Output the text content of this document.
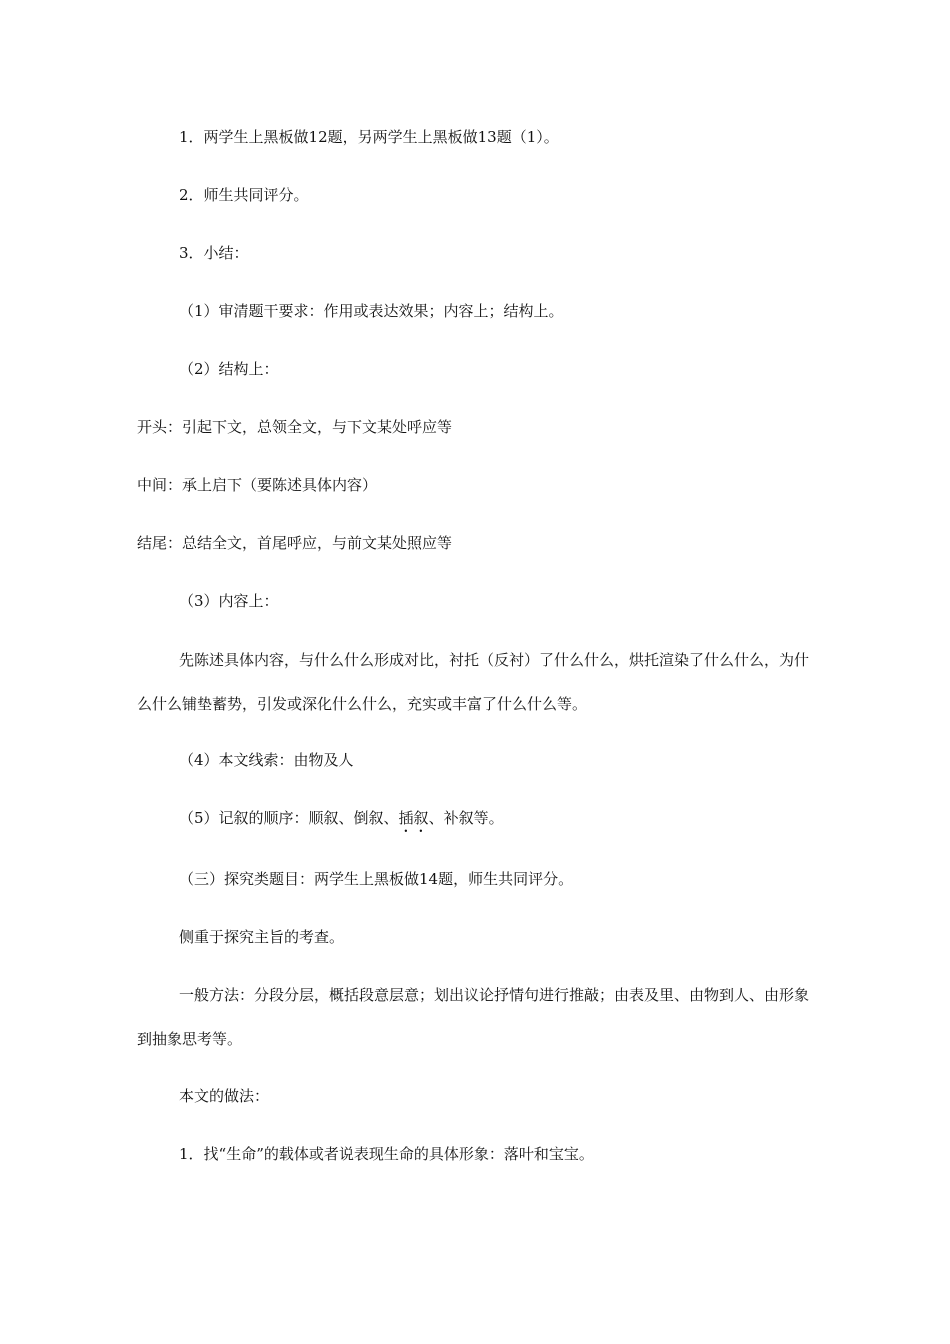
1．两学生上黑板做12题，另两学生上黑板做13题（1）。
2．师生共同评分。
3．小结：
（1）审清题干要求：作用或表达效果；内容上；结构上。
（2）结构上：
开头：引起下文，总领全文，与下文某处呼应等
中间：承上启下（要陈述具体内容）
结尾：总结全文，首尾呼应，与前文某处照应等
（3）内容上：
先陈述具体内容，与什么什么形成对比，衬托（反衬）了什么什么，烘托渲染了什么什么，为什么什么铺垫蓄势，引发或深化什么什么，充实或丰富了什么什么等。
（4）本文线索：由物及人
（5）记叙的顺序：顺叙、倒叙、插叙、补叙等。
（三）探究类题目：两学生上黑板做14题，师生共同评分。
侧重于探究主旨的考查。
一般方法：分段分层，概括段意层意；划出议论抒情句进行推敲；由表及里、由物到人、由形象到抽象思考等。
本文的做法：
1．找“生命”的载体或者说表现生命的具体形象：落叶和宝宝。
